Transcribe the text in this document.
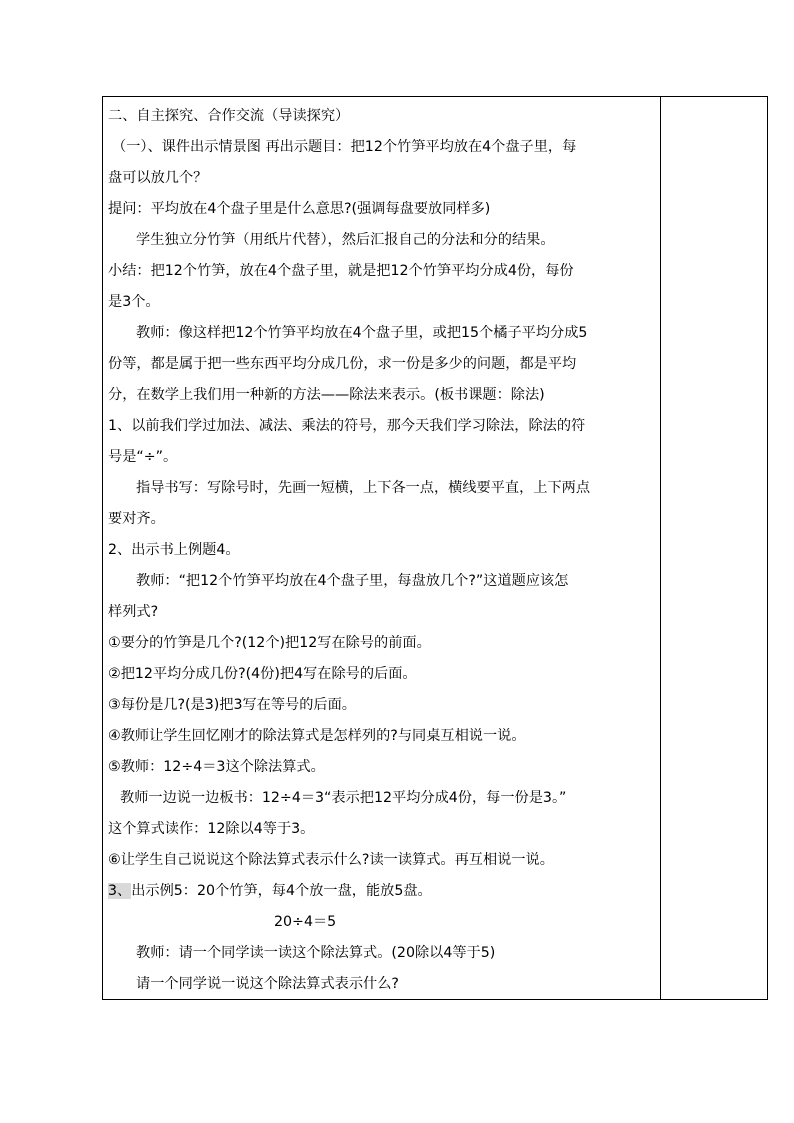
二、自主探究、合作交流（导读探究）
（一）、课件出示情景图 再出示题目：把12个竹笋平均放在4个盘子里，每
盘可以放几个？
提问：平均放在4个盘子里是什么意思?(强调每盘要放同样多)
学生独立分竹笋（用纸片代替），然后汇报自己的分法和分的结果。
小结：把12个竹笋，放在4个盘子里，就是把12个竹笋平均分成4份，每份
是3个。
教师：像这样把12个竹笋平均放在4个盘子里，或把15个橘子平均分成5
份等，都是属于把一些东西平均分成几份，求一份是多少的问题，都是平均
分，在数学上我们用一种新的方法——除法来表示。(板书课题：除法)
1、以前我们学过加法、减法、乘法的符号，那今天我们学习除法，除法的符
号是“÷”。
指导书写：写除号时，先画一短横，上下各一点，横线要平直，上下两点
要对齐。
2、出示书上例题4。
教师：“把12个竹笋平均放在4个盘子里，每盘放几个?”这道题应该怎
样列式?
①要分的竹笋是几个?(12个)把12写在除号的前面。
②把12平均分成几份?(4份)把4写在除号的后面。
③每份是几?(是3)把3写在等号的后面。
④教师让学生回忆刚才的除法算式是怎样列的?与同桌互相说一说。
⑤教师：12÷4＝3这个除法算式。
教师一边说一边板书：12÷4＝3“表示把12平均分成4份，每一份是3。”
这个算式读作：12除以4等于3。
⑥让学生自己说说这个除法算式表示什么?读一读算式。再互相说一说。
3、出示例5：20个竹笋，每4个放一盘，能放5盘。
20÷4＝5
教师：请一个同学读一读这个除法算式。(20除以4等于5)
请一个同学说一说这个除法算式表示什么?
